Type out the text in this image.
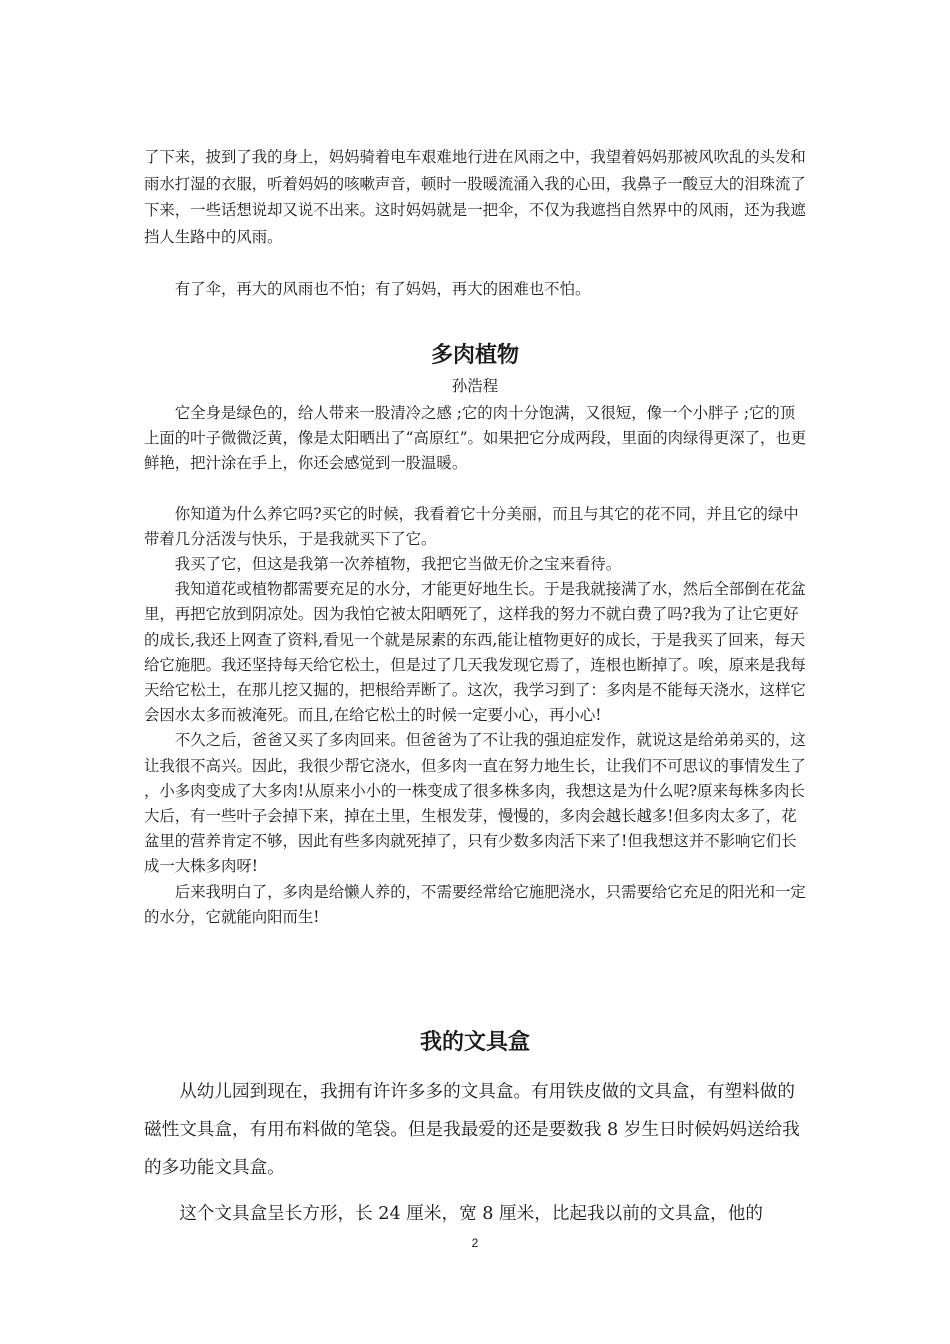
了下来，披到了我的身上，妈妈骑着电车艰难地行进在风雨之中，我望着妈妈那被风吹乱的头发和雨水打湿的衣服，听着妈妈的咳嗽声音，顿时一股暖流涌入我的心田，我鼻子一酸豆大的泪珠流了下来，一些话想说却又说不出来。这时妈妈就是一把伞，不仅为我遮挡自然界中的风雨，还为我遮挡人生路中的风雨。

有了伞，再大的风雨也不怕；有了妈妈，再大的困难也不怕。

多肉植物

孙浩程

它全身是绿色的，给人带来一股清冷之感 ;它的肉十分饱满，又很短，像一个小胖子 ;它的顶上面的叶子微微泛黄，像是太阳晒出了“高原红”。如果把它分成两段，里面的肉绿得更深了，也更鲜艳，把汁涂在手上，你还会感觉到一股温暖。

你知道为什么养它吗?买它的时候，我看着它十分美丽，而且与其它的花不同，并且它的绿中带着几分活泼与快乐，于是我就买下了它。

我买了它，但这是我第一次养植物，我把它当做无价之宝来看待。

我知道花或植物都需要充足的水分，才能更好地生长。于是我就接满了水，然后全部倒在花盆里，再把它放到阴凉处。因为我怕它被太阳晒死了，这样我的努力不就白费了吗?我为了让它更好的成长,我还上网查了资料,看见一个就是尿素的东西,能让植物更好的成长，于是我买了回来，每天给它施肥。我还坚持每天给它松土，但是过了几天我发现它焉了，连根也断掉了。唉，原来是我每天给它松土，在那儿挖又掘的，把根给弄断了。这次，我学习到了：多肉是不能每天浇水，这样它会因水太多而被淹死。而且,在给它松土的时候一定要小心，再小心!

不久之后，爸爸又买了多肉回来。但爸爸为了不让我的强迫症发作，就说这是给弟弟买的，这让我很不高兴。因此，我很少帮它浇水，但多肉一直在努力地生长，让我们不可思议的事情发生了，小多肉变成了大多肉!从原来小小的一株变成了很多株多肉，我想这是为什么呢?原来每株多肉长大后，有一些叶子会掉下来，掉在土里，生根发芽，慢慢的，多肉会越长越多!但多肉太多了，花盆里的营养肯定不够，因此有些多肉就死掉了，只有少数多肉活下来了!但我想这并不影响它们长成一大株多肉呀!

后来我明白了，多肉是给懒人养的，不需要经常给它施肥浇水，只需要给它充足的阳光和一定的水分，它就能向阳而生!

我的文具盒

从幼儿园到现在，我拥有许许多多的文具盒。有用铁皮做的文具盒，有塑料做的磁性文具盒，有用布料做的笔袋。但是我最爱的还是要数我 8 岁生日时候妈妈送给我的多功能文具盒。

这个文具盒呈长方形，长 24 厘米，宽 8 厘米，比起我以前的文具盒，他的

2
